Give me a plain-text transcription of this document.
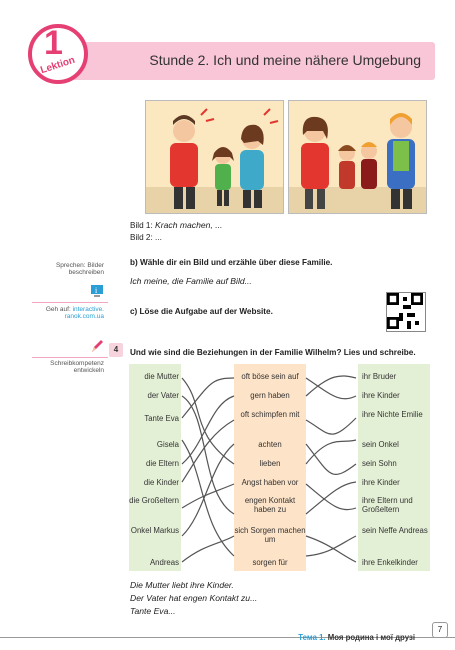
Stunde 2. Ich und meine nähere Umgebung
1
Lektion
Bild 1: Krach machen, ...
Bild 2: ...
b) Wähle dir ein Bild und erzähle über diese Familie.
Ich meine, die Familie auf Bild...
c) Löse die Aufgabe auf der Website.
Sprechen: Bilder beschreiben
i
Geh auf: interactive. ranok.com.ua
Schreibkompetenz entwickeln
4	Und wie sind die Beziehungen in der Familie Wilhelm? Lies und schreibe.
die Mutter
der Vater
Tante Eva
Gisela
die Eltern
die Kinder
die Großeltern
Onkel Markus
Andreas
oft böse sein auf
gern haben
oft schimpfen mit
achten
lieben
Angst haben vor
engen Kontakt haben zu
sich Sorgen machen um
sorgen für
ihr Bruder
ihre Kinder
ihre Nichte Emilie
sein Onkel
sein Sohn
ihre Kinder
ihre Eltern und Großeltern
sein Neffe Andreas
ihre Enkelkinder
Die Mutter liebt ihre Kinder.
Der Vater hat engen Kontakt zu...
Tante Eva...
Тема 1. Моя родина і мої друзі
7
